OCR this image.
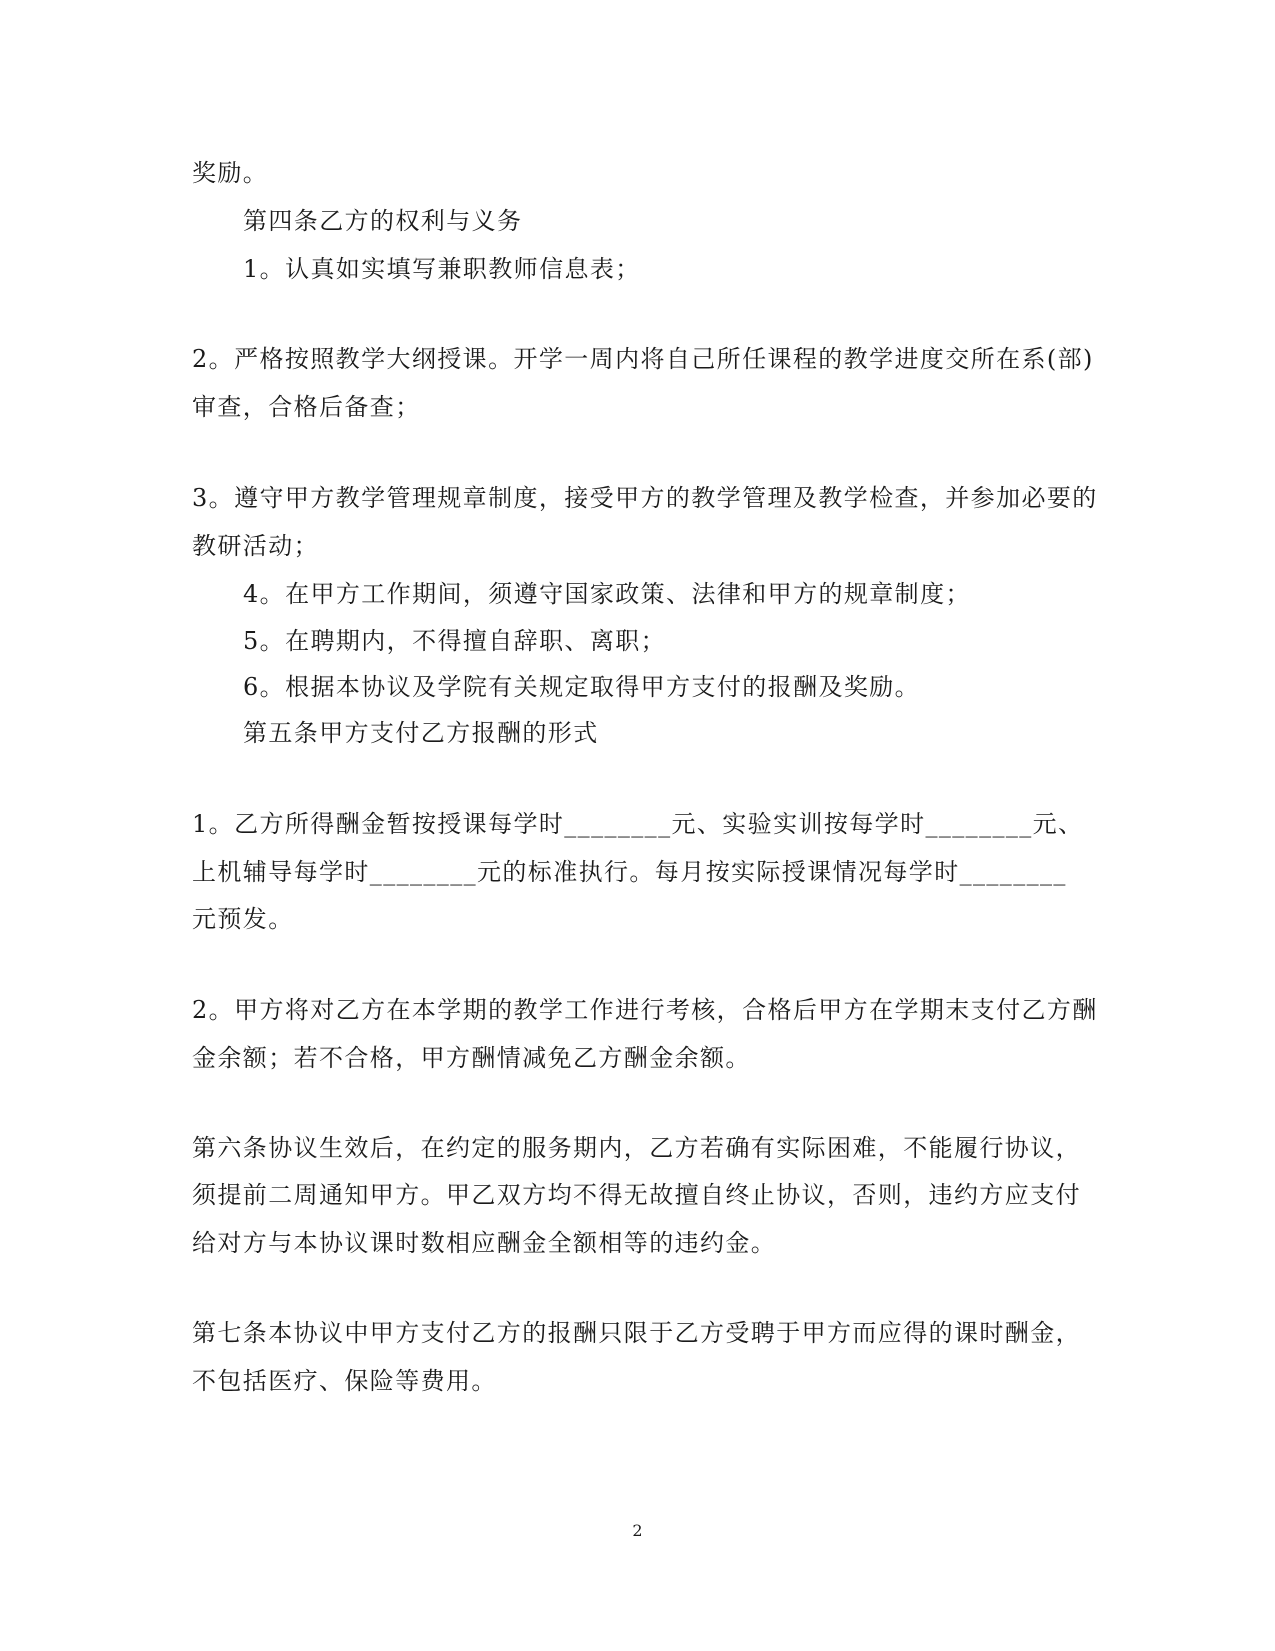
奖励。
第四条乙方的权利与义务
1。认真如实填写兼职教师信息表；
2。严格按照教学大纲授课。开学一周内将自己所任课程的教学进度交所在系(部)
审查，合格后备查；
3。遵守甲方教学管理规章制度，接受甲方的教学管理及教学检查，并参加必要的
教研活动；
4。在甲方工作期间，须遵守国家政策、法律和甲方的规章制度；
5。在聘期内，不得擅自辞职、离职；
6。根据本协议及学院有关规定取得甲方支付的报酬及奖励。
第五条甲方支付乙方报酬的形式
1。乙方所得酬金暂按授课每学时________元、实验实训按每学时________元、
上机辅导每学时________元的标准执行。每月按实际授课情况每学时________
元预发。
2。甲方将对乙方在本学期的教学工作进行考核，合格后甲方在学期末支付乙方酬
金余额；若不合格，甲方酬情减免乙方酬金余额。
第六条协议生效后，在约定的服务期内，乙方若确有实际困难，不能履行协议，
须提前二周通知甲方。甲乙双方均不得无故擅自终止协议，否则，违约方应支付
给对方与本协议课时数相应酬金全额相等的违约金。
第七条本协议中甲方支付乙方的报酬只限于乙方受聘于甲方而应得的课时酬金，
不包括医疗、保险等费用。
2
